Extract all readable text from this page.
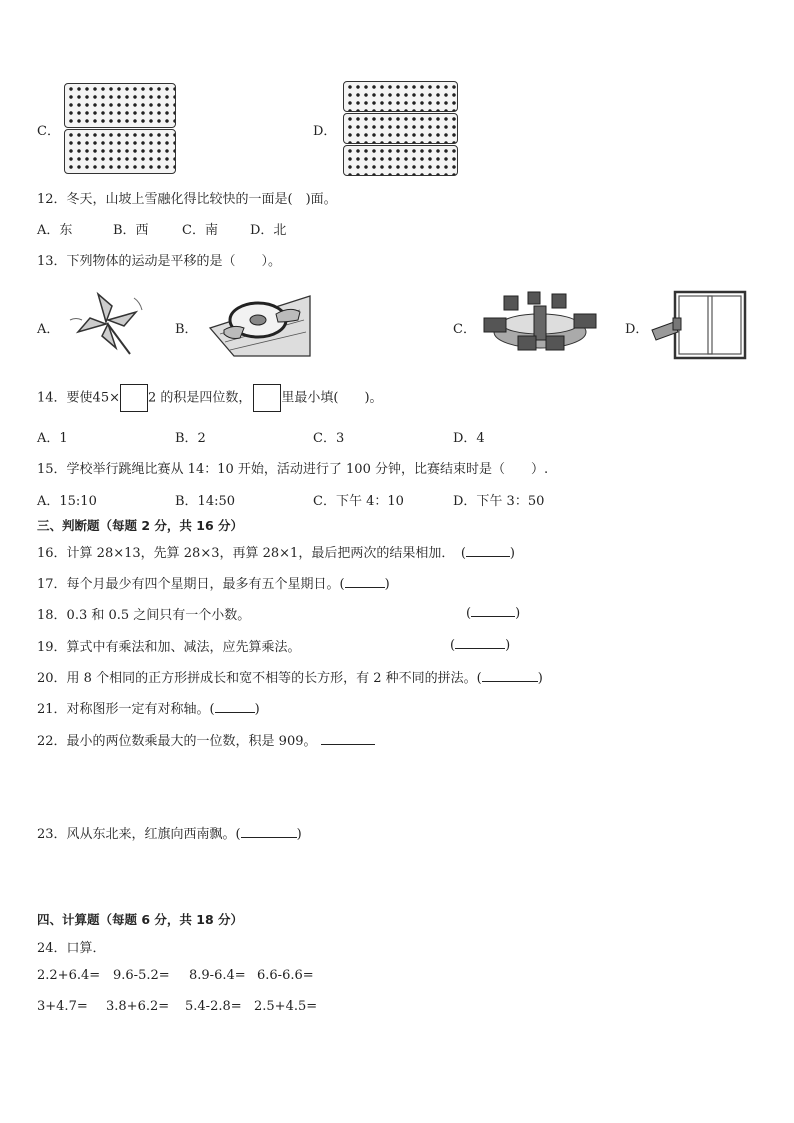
C．	D．
12．冬天，山坡上雪融化得比较快的一面是(　)面。
A．东	B．西	C．南 D．北
13．下列物体的运动是平移的是（　　）。
A．	B．	C．	D．
14．要使45× 2 的积是四位数， 里最小填(　　)。
A．1	B．2	C．3	D．4
15．学校举行跳绳比赛从 14：10 开始，活动进行了 100 分钟，比赛结束时是（　　）.
A．15:10	B．14:50	C．下午 4：10	D．下午 3：50
三、判断题（每题 2 分，共 16 分）
16．计算 28×13，先算 28×3，再算 28×1，最后把两次的结果相加．　(	)
17．每个月最少有四个星期日，最多有五个星期日。(	)
18．0.3 和 0.5 之间只有一个小数。	(	)
19．算式中有乘法和加、减法，应先算乘法。	(	)
20．用 8 个相同的正方形拼成长和宽不相等的长方形，有 2 种不同的拼法。(	)
21．对称图形一定有对称轴。(	)
22．最小的两位数乘最大的一位数，积是 909。
23．风从东北来，红旗向西南飘。(	)
四、计算题（每题 6 分，共 18 分）
24．口算．
2.2+6.4= 9.6-5.2= 8.9-6.4= 6.6-6.6=
3+4.7= 3.8+6.2= 5.4-2.8= 2.5+4.5=
